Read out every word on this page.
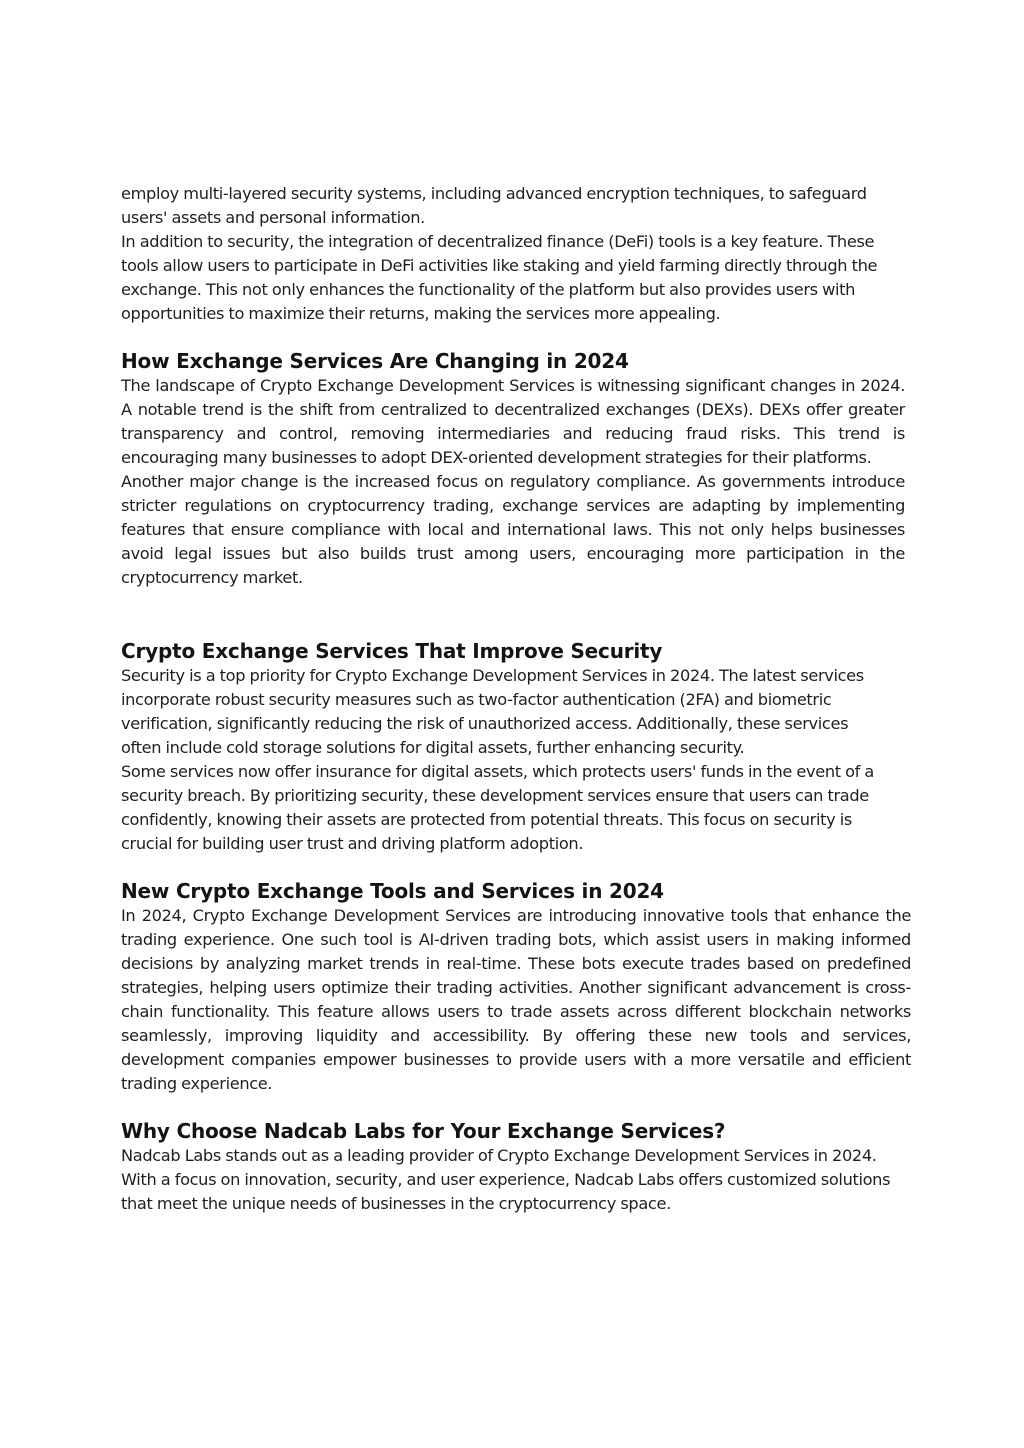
employ multi-layered security systems, including advanced encryption techniques, to safeguard users' assets and personal information.

In addition to security, the integration of decentralized finance (DeFi) tools is a key feature. These tools allow users to participate in DeFi activities like staking and yield farming directly through the exchange. This not only enhances the functionality of the platform but also provides users with opportunities to maximize their returns, making the services more appealing.

How Exchange Services Are Changing in 2024

The landscape of Crypto Exchange Development Services is witnessing significant changes in 2024. A notable trend is the shift from centralized to decentralized exchanges (DEXs). DEXs offer greater transparency and control, removing intermediaries and reducing fraud risks. This trend is encouraging many businesses to adopt DEX-oriented development strategies for their platforms.

Another major change is the increased focus on regulatory compliance. As governments introduce stricter regulations on cryptocurrency trading, exchange services are adapting by implementing features that ensure compliance with local and international laws. This not only helps businesses avoid legal issues but also builds trust among users, encouraging more participation in the cryptocurrency market.

Crypto Exchange Services That Improve Security

Security is a top priority for Crypto Exchange Development Services in 2024. The latest services incorporate robust security measures such as two-factor authentication (2FA) and biometric verification, significantly reducing the risk of unauthorized access. Additionally, these services often include cold storage solutions for digital assets, further enhancing security.

Some services now offer insurance for digital assets, which protects users' funds in the event of a security breach. By prioritizing security, these development services ensure that users can trade confidently, knowing their assets are protected from potential threats. This focus on security is crucial for building user trust and driving platform adoption.

New Crypto Exchange Tools and Services in 2024

In 2024, Crypto Exchange Development Services are introducing innovative tools that enhance the trading experience. One such tool is AI-driven trading bots, which assist users in making informed decisions by analyzing market trends in real-time. These bots execute trades based on predefined strategies, helping users optimize their trading activities. Another significant advancement is cross-chain functionality. This feature allows users to trade assets across different blockchain networks seamlessly, improving liquidity and accessibility. By offering these new tools and services, development companies empower businesses to provide users with a more versatile and efficient trading experience.

Why Choose Nadcab Labs for Your Exchange Services?

Nadcab Labs stands out as a leading provider of Crypto Exchange Development Services in 2024. With a focus on innovation, security, and user experience, Nadcab Labs offers customized solutions that meet the unique needs of businesses in the cryptocurrency space.
